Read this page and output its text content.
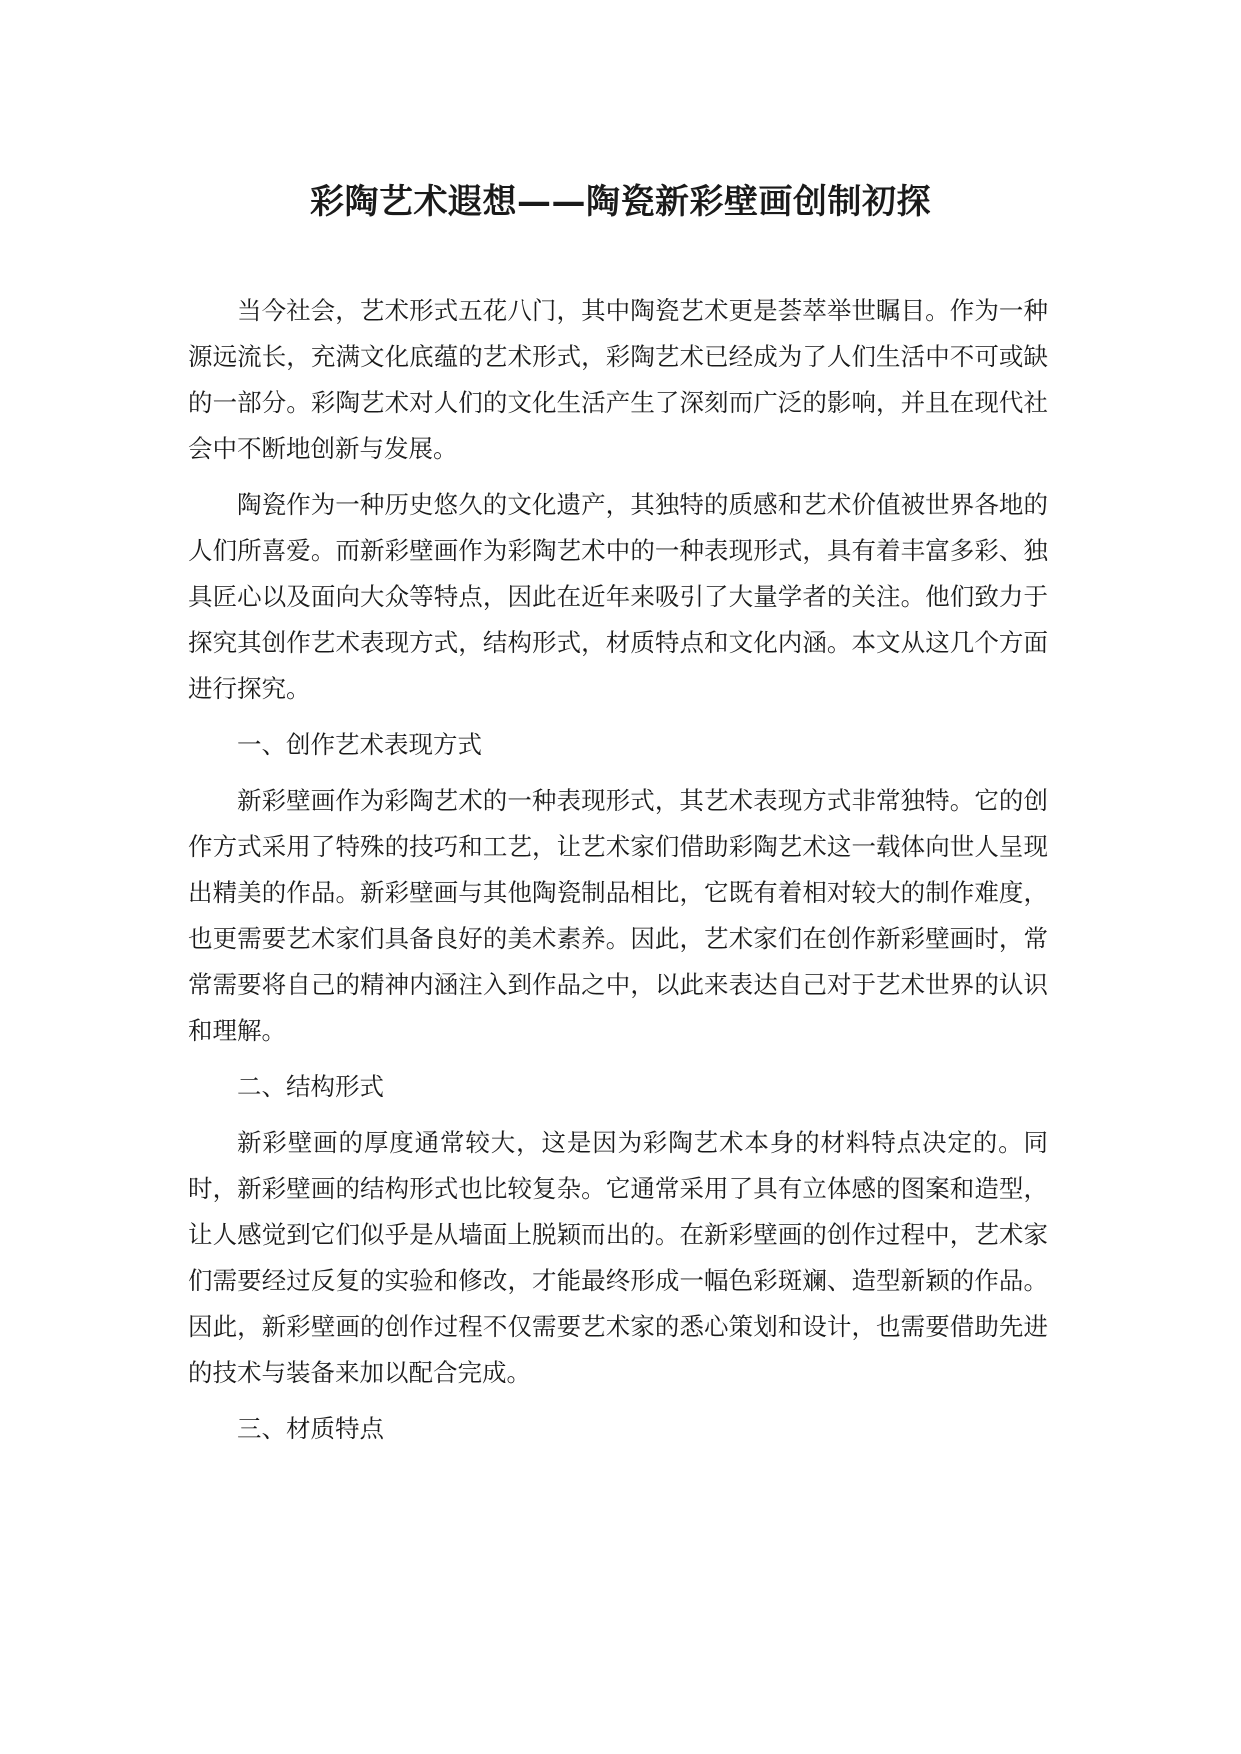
彩陶艺术遐想——陶瓷新彩壁画创制初探

当今社会，艺术形式五花八门，其中陶瓷艺术更是荟萃举世瞩目。作为一种源远流长，充满文化底蕴的艺术形式，彩陶艺术已经成为了人们生活中不可或缺的一部分。彩陶艺术对人们的文化生活产生了深刻而广泛的影响，并且在现代社会中不断地创新与发展。

陶瓷作为一种历史悠久的文化遗产，其独特的质感和艺术价值被世界各地的人们所喜爱。而新彩壁画作为彩陶艺术中的一种表现形式，具有着丰富多彩、独具匠心以及面向大众等特点，因此在近年来吸引了大量学者的关注。他们致力于探究其创作艺术表现方式，结构形式，材质特点和文化内涵。本文从这几个方面进行探究。

一、创作艺术表现方式

新彩壁画作为彩陶艺术的一种表现形式，其艺术表现方式非常独特。它的创作方式采用了特殊的技巧和工艺，让艺术家们借助彩陶艺术这一载体向世人呈现出精美的作品。新彩壁画与其他陶瓷制品相比，它既有着相对较大的制作难度，也更需要艺术家们具备良好的美术素养。因此，艺术家们在创作新彩壁画时，常常需要将自己的精神内涵注入到作品之中，以此来表达自己对于艺术世界的认识和理解。

二、结构形式

新彩壁画的厚度通常较大，这是因为彩陶艺术本身的材料特点决定的。同时，新彩壁画的结构形式也比较复杂。它通常采用了具有立体感的图案和造型，让人感觉到它们似乎是从墙面上脱颖而出的。在新彩壁画的创作过程中，艺术家们需要经过反复的实验和修改，才能最终形成一幅色彩斑斓、造型新颖的作品。因此，新彩壁画的创作过程不仅需要艺术家的悉心策划和设计，也需要借助先进的技术与装备来加以配合完成。

三、材质特点
